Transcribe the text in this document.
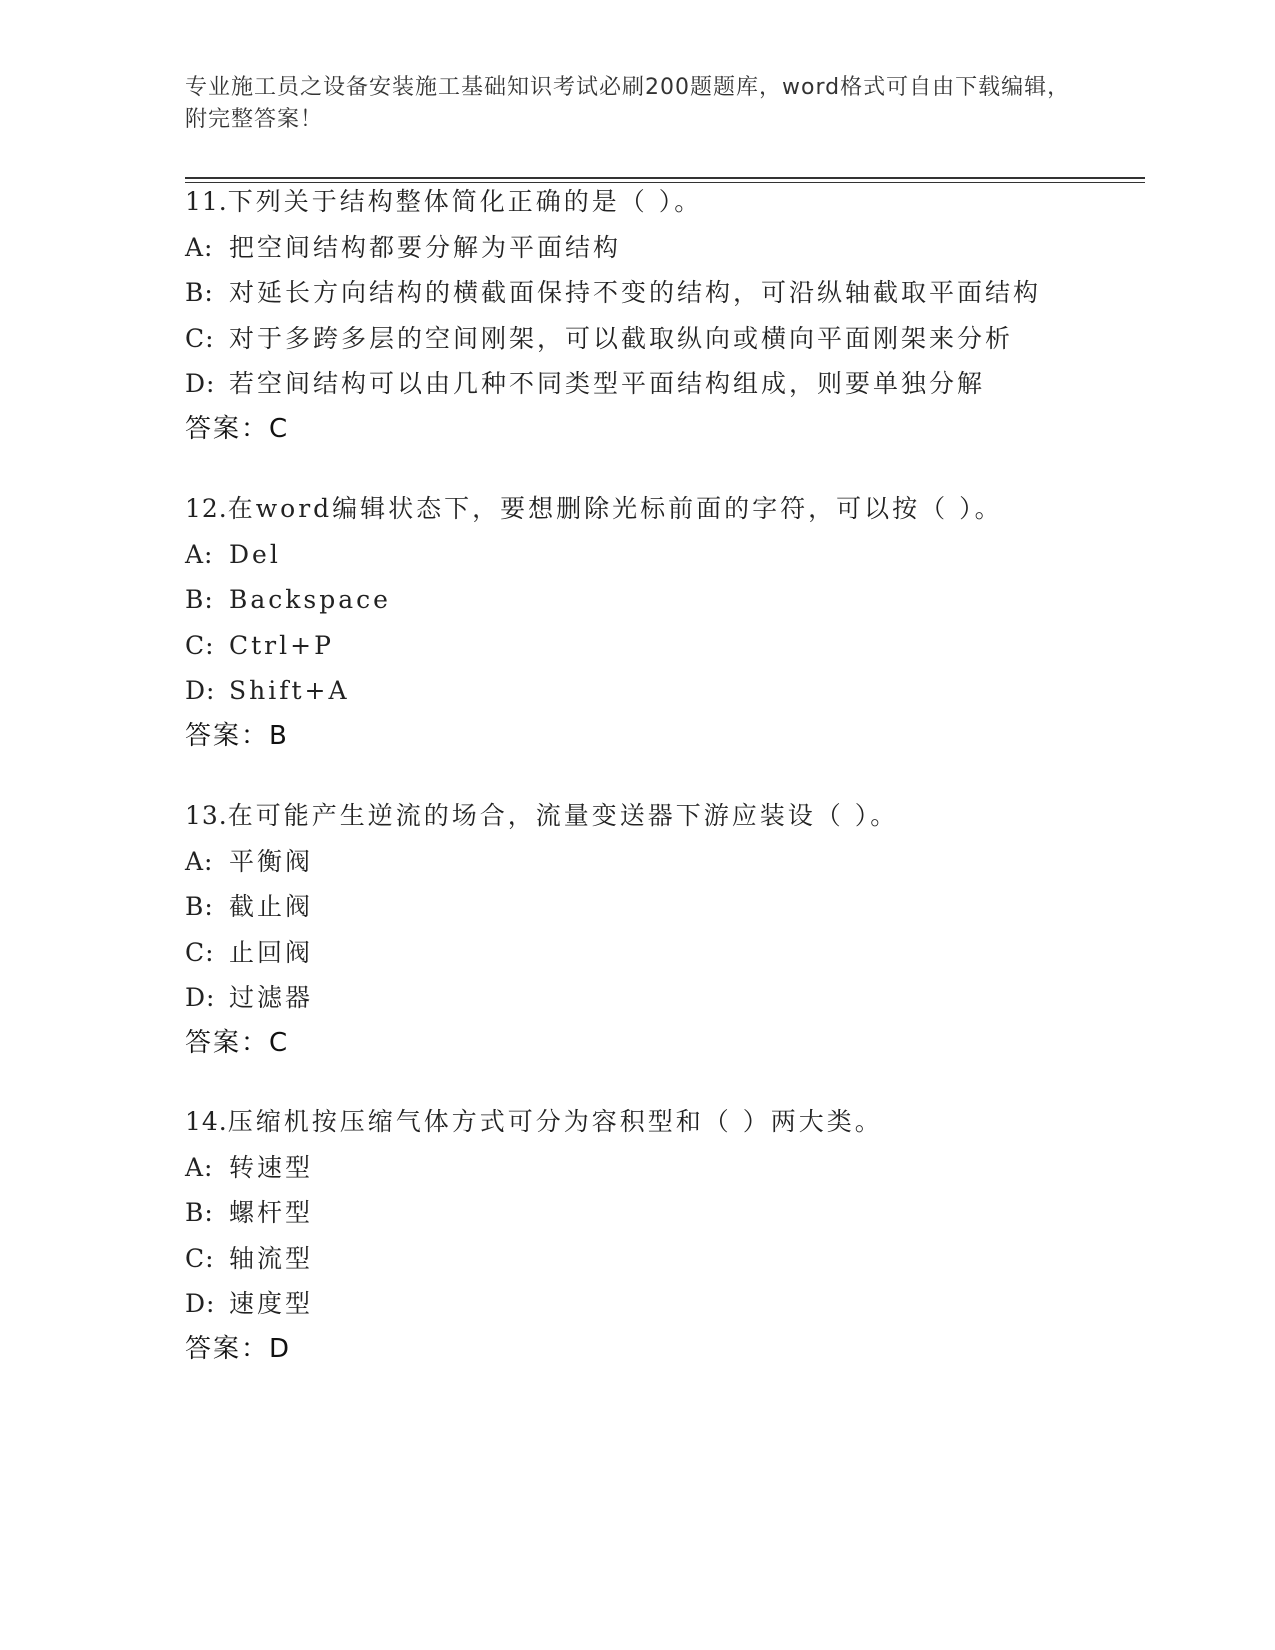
专业施工员之设备安装施工基础知识考试必刷200题题库，word格式可自由下载编辑，附完整答案！
11.下列关于结构整体简化正确的是（ ）。
A: 把空间结构都要分解为平面结构
B: 对延长方向结构的横截面保持不变的结构，可沿纵轴截取平面结构
C: 对于多跨多层的空间刚架，可以截取纵向或横向平面刚架来分析
D: 若空间结构可以由几种不同类型平面结构组成，则要单独分解
答案：C
12.在word编辑状态下，要想删除光标前面的字符，可以按（ ）。
A: Del
B: Backspace
C: Ctrl+P
D: Shift+A
答案：B
13.在可能产生逆流的场合，流量变送器下游应装设（ ）。
A: 平衡阀
B: 截止阀
C: 止回阀
D: 过滤器
答案：C
14.压缩机按压缩气体方式可分为容积型和（ ）两大类。
A: 转速型
B: 螺杆型
C: 轴流型
D: 速度型
答案：D
